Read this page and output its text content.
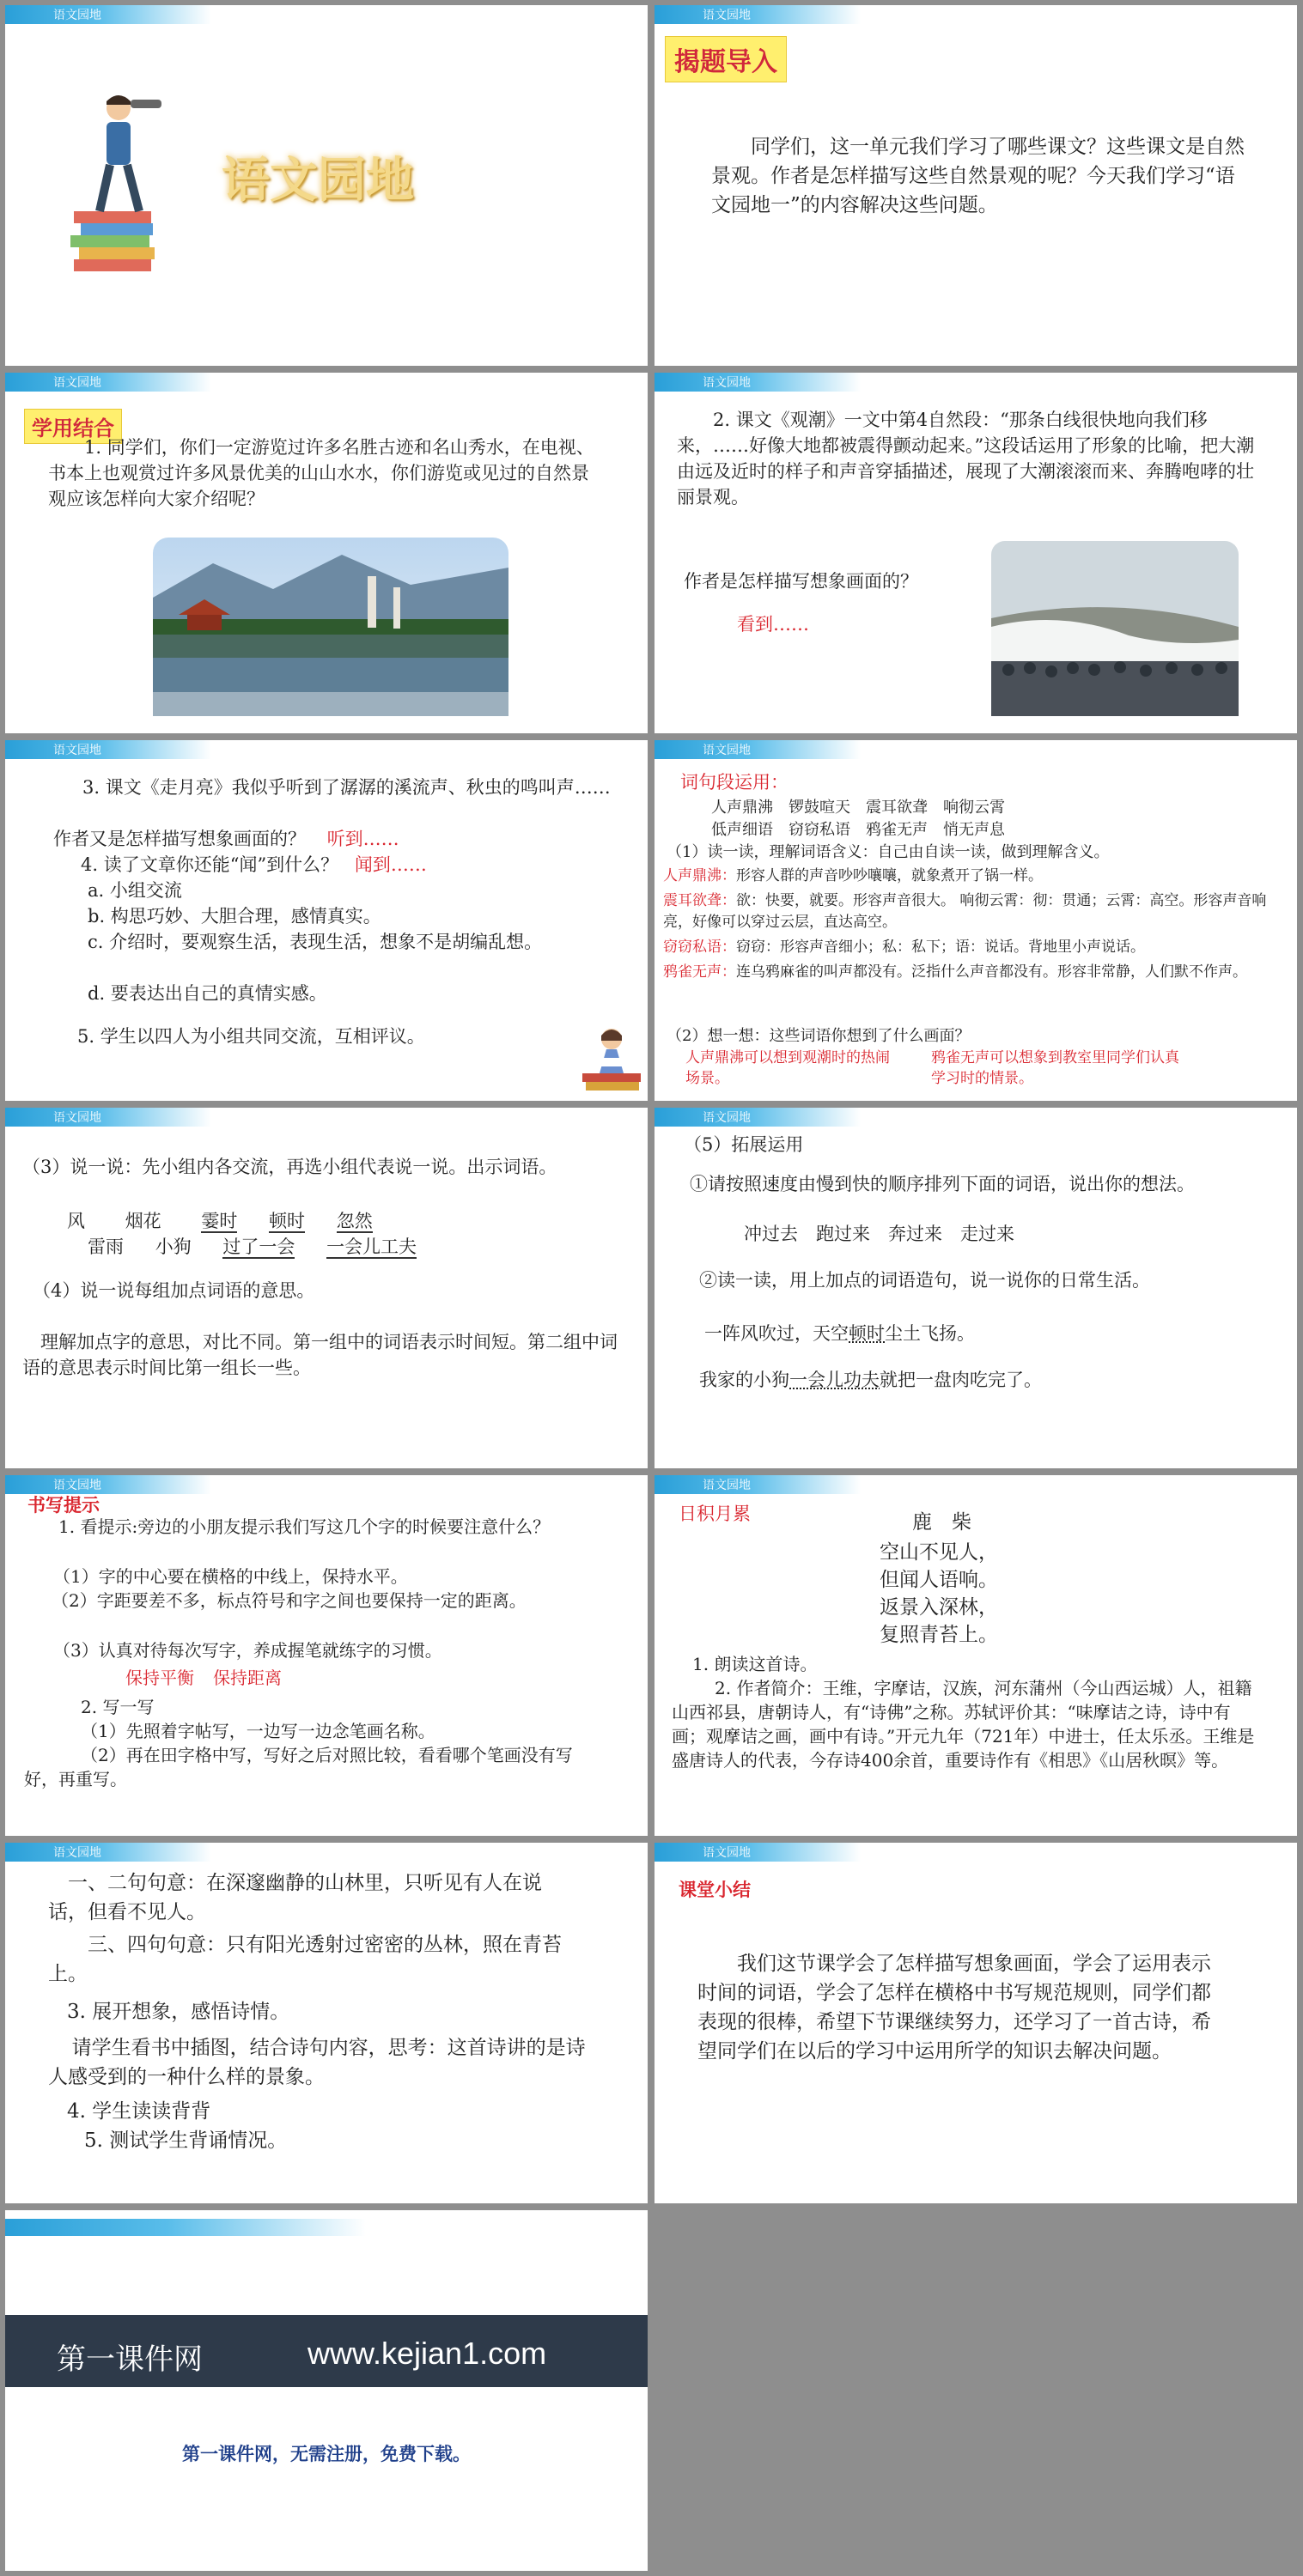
语文园地
语文园地
语文园地
揭题导入

同学们，这一单元我们学习了哪些课文？这些课文是自然景观。作者是怎样描写这些自然景观的呢？今天我们学习“语文园地一”的内容解决这些问题。

语文园地
学用结合

1. 同学们，你们一定游览过许多名胜古迹和名山秀水，在电视、书本上也观赏过许多风景优美的山山水水，你们游览或见过的自然景观应该怎样向大家介绍呢？

语文园地

2. 课文《观潮》一文中第4自然段：“那条白线很快地向我们移来，……好像大地都被震得颤动起来。”这段话运用了形象的比喻，把大潮由远及近时的样子和声音穿插描述，展现了大潮滚滚而来、奔腾咆哮的壮丽景观。

作者是怎样描写想象画面的？

看到……

语文园地

3. 课文《走月亮》我似乎听到了潺潺的溪流声、秋虫的鸣叫声……

作者又是怎样描写想象画面的？ 听到……

4. 读了文章你还能“闻”到什么？ 闻到……

a. 小组交流

b. 构思巧妙、大胆合理，感情真实。

c. 介绍时，要观察生活，表现生活，想象不是胡编乱想。

d. 要表达出自己的真情实感。

5. 学生以四人为小组共同交流，互相评议。

语文园地

词句段运用：

人声鼎沸　锣鼓喧天　震耳欲聋　响彻云霄

低声细语　窃窃私语　鸦雀无声　悄无声息

（1）读一读，理解词语含义：自己由自读一读，做到理解含义。

人声鼎沸：形容人群的声音吵吵嚷嚷，就象煮开了锅一样。
震耳欲聋：欲：快要，就要。形容声音很大。 响彻云霄：彻：贯通；云霄：高空。形容声音响亮，好像可以穿过云层，直达高空。
窃窃私语：窃窃：形容声音细小；私：私下；语：说话。背地里小声说话。
鸦雀无声：连乌鸦麻雀的叫声都没有。泛指什么声音都没有。形容非常静，人们默不作声。

（2）想一想：这些词语你想到了什么画面？

人声鼎沸可以想到观潮时的热闹场景。

鸦雀无声可以想象到教室里同学们认真学习时的情景。

语文园地

（3）说一说：先小组内各交流，再选小组代表说一说。出示词语。

风 烟花 霎时 顿时 忽然
雷雨 小狗 过了一会 一会儿工夫

（4）说一说每组加点词语的意思。

理解加点字的意思，对比不同。第一组中的词语表示时间短。第二组中词语的意思表示时间比第一组长一些。

语文园地

（5）拓展运用

①请按照速度由慢到快的顺序排列下面的词语，说出你的想法。

冲过去　跑过来　奔过来　走过来

②读一读，用上加点的词语造句，说一说你的日常生活。

一阵风吹过，天空顿时尘土飞扬。

我家的小狗一会儿功夫就把一盘肉吃完了。

语文园地

书写提示

1. 看提示:旁边的小朋友提示我们写这几个字的时候要注意什么？

（1）字的中心要在横格的中线上，保持水平。

（2）字距要差不多，标点符号和字之间也要保持一定的距离。

（3）认真对待每次写字，养成握笔就练字的习惯。

保持平衡 保持距离

2. 写一写

（1）先照着字帖写，一边写一边念笔画名称。

（2）再在田字格中写，写好之后对照比较，看看哪个笔画没有写好，再重写。

语文园地

日积月累	鹿　柴

空山不见人，
但闻人语响。
返景入深林，
复照青苔上。

1. 朗读这首诗。

2. 作者简介：王维，字摩诘，汉族，河东蒲州（今山西运城）人，祖籍山西祁县，唐朝诗人，有“诗佛”之称。苏轼评价其：“味摩诘之诗，诗中有画；观摩诘之画，画中有诗。”开元九年（721年）中进士，任太乐丞。王维是盛唐诗人的代表，今存诗400余首，重要诗作有《相思》《山居秋暝》等。

语文园地

一、二句句意：在深邃幽静的山林里，只听见有人在说话，但看不见人。

三、四句句意：只有阳光透射过密密的丛林，照在青苔上。

3. 展开想象，感悟诗情。

请学生看书中插图，结合诗句内容，思考：这首诗讲的是诗人感受到的一种什么样的景象。

4. 学生读读背背

5. 测试学生背诵情况。

语文园地

课堂小结

我们这节课学会了怎样描写想象画面，学会了运用表示时间的词语，学会了怎样在横格中书写规范规则，同学们都表现的很棒，希望下节课继续努力，还学习了一首古诗，希望同学们在以后的学习中运用所学的知识去解决问题。

第一课件网	www.kejian1.com
第一课件网，无需注册，免费下载。
